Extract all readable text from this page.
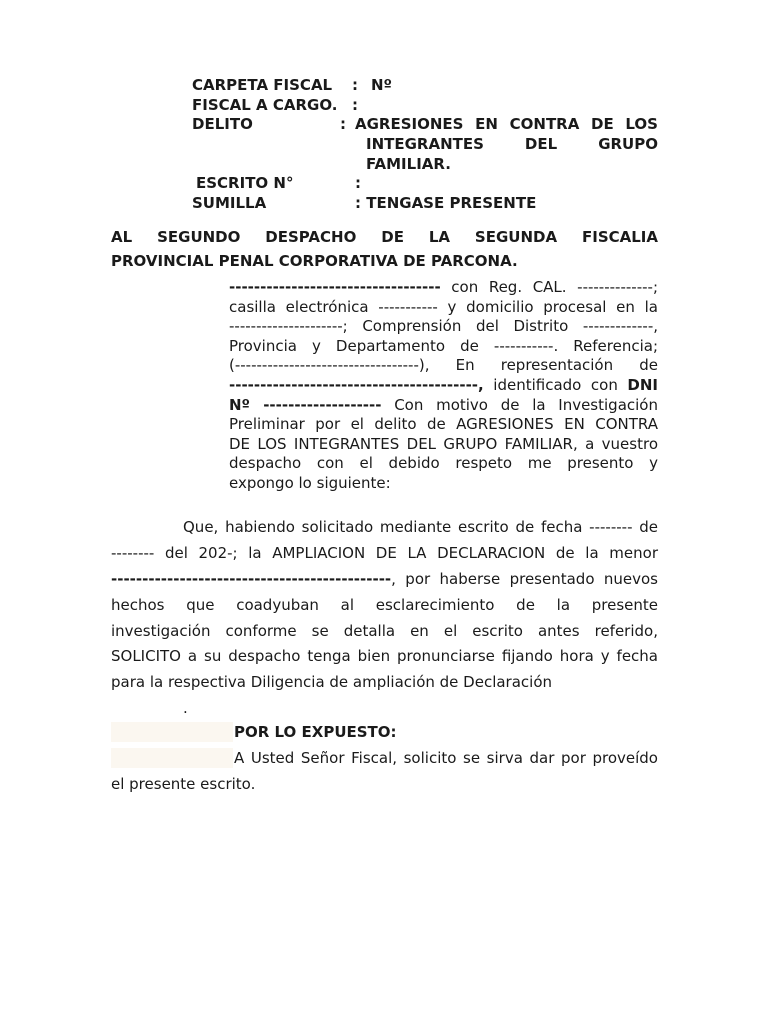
CARPETA FISCAL : Nº
FISCAL A CARGO. :
DELITO	: AGRESIONES EN CONTRA DE LOS
INTEGRANTES DEL GRUPO
FAMILIAR.
ESCRITO N°	:
SUMILLA	: TENGASE PRESENTE
AL SEGUNDO DESPACHO DE LA SEGUNDA FISCALIA
PROVINCIAL PENAL CORPORATIVA DE PARCONA.
---------------------------------- con Reg. CAL. --------------;
casilla electrónica ----------- y domicilio procesal en la
---------------------; Comprensión del Distrito -------------,
Provincia y Departamento de -----------. Referencia;
(----------------------------------), En representación de
----------------------------------------, identificado con DNI
Nº ------------------- Con motivo de la Investigación
Preliminar por el delito de AGRESIONES EN CONTRA
DE LOS INTEGRANTES DEL GRUPO FAMILIAR, a vuestro
despacho con el debido respeto me presento y
expongo lo siguiente:
Que, habiendo solicitado mediante escrito de fecha -------- de
-------- del 202-; la AMPLIACION DE LA DECLARACION de la menor
---------------------------------------------, por haberse presentado nuevos
hechos que coadyuban al esclarecimiento de la presente
investigación conforme se detalla en el escrito antes referido,
SOLICITO a su despacho tenga bien pronunciarse fijando hora y fecha
para la respectiva Diligencia de ampliación de Declaración
.
POR LO EXPUESTO:
A Usted Señor Fiscal, solicito se sirva dar por proveído
el presente escrito.
